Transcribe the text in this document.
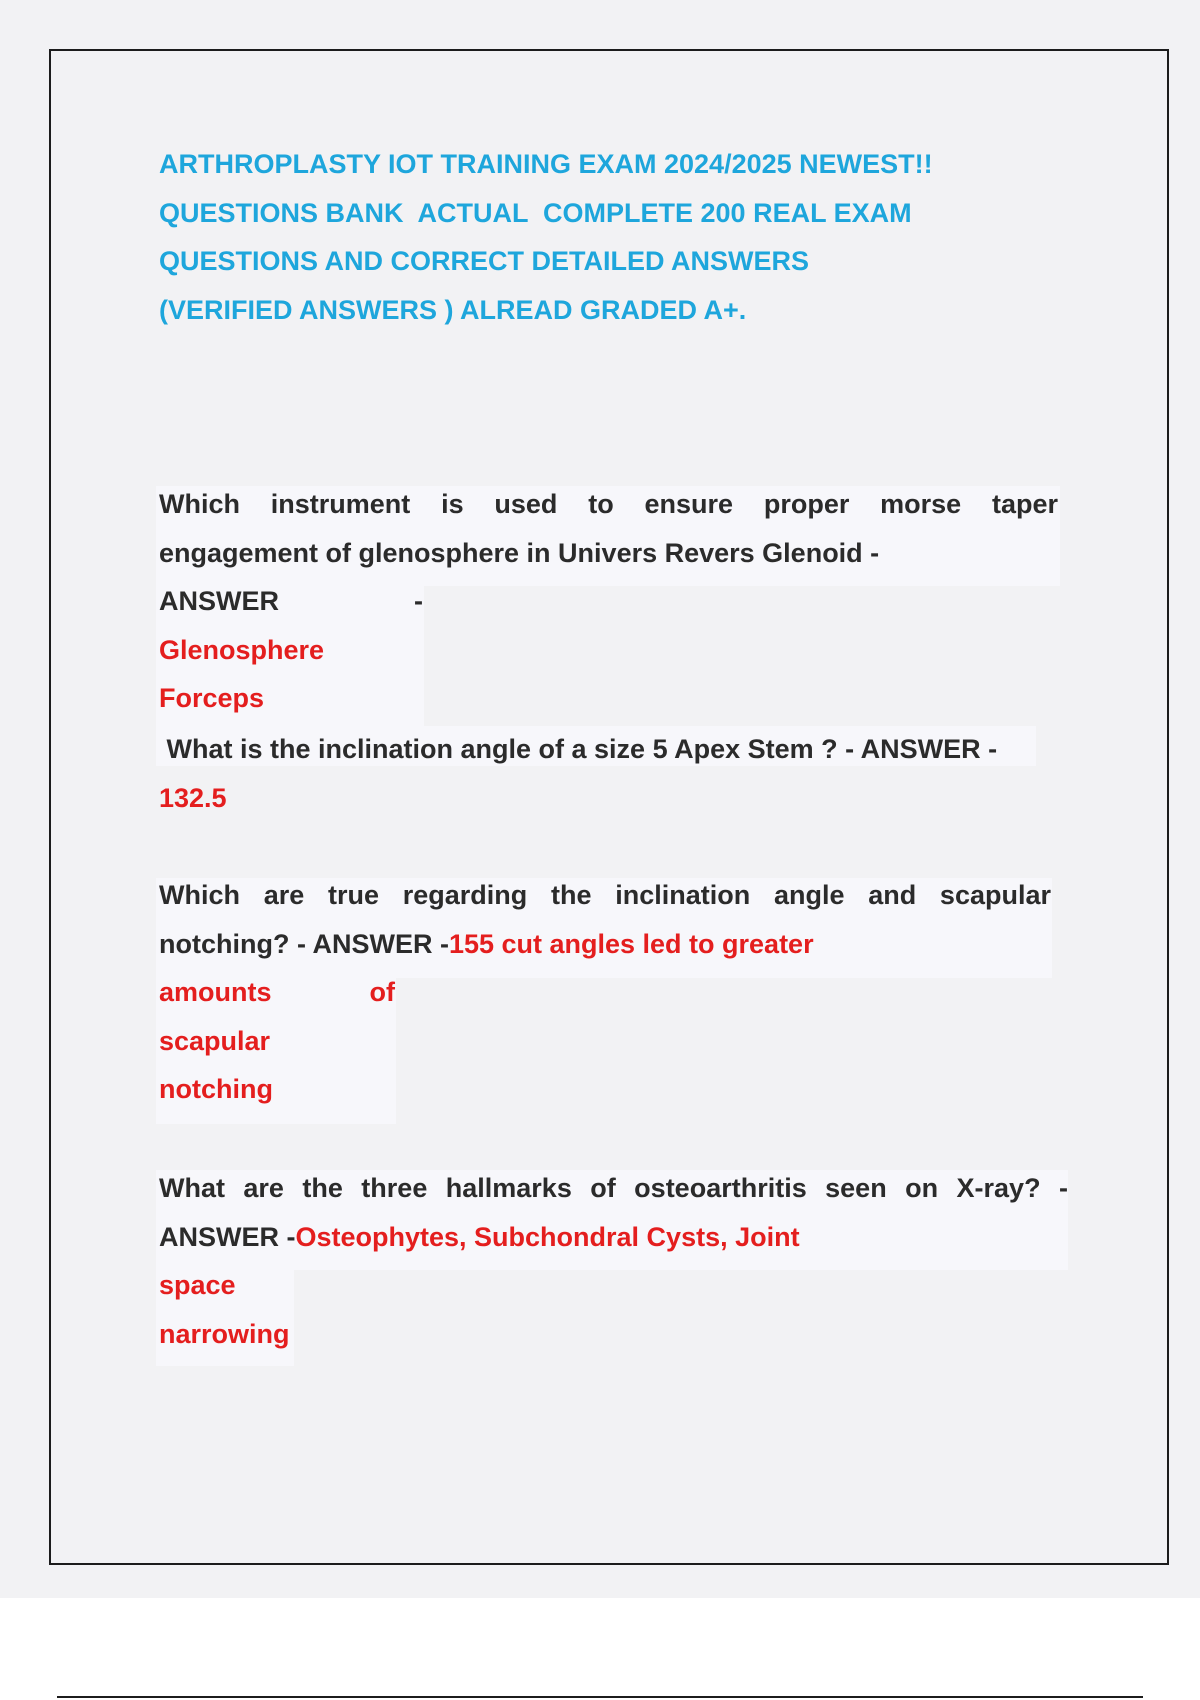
ARTHROPLASTY IOT TRAINING EXAM 2024/2025 NEWEST!!
QUESTIONS BANK  ACTUAL  COMPLETE 200 REAL EXAM
QUESTIONS AND CORRECT DETAILED ANSWERS
(VERIFIED ANSWERS ) ALREAD GRADED A+.
Which instrument is used to ensure proper morse taper
engagement of glenosphere in Univers Revers Glenoid -
ANSWER	-
Glenosphere
Forceps
What is the inclination angle of a size 5 Apex Stem ? - ANSWER -
132.5
Which are true regarding the inclination angle and scapular
notching? - ANSWER -155 cut angles led to greater
amounts	of
scapular
notching
What are the three hallmarks of osteoarthritis seen on X-ray? -
ANSWER -Osteophytes, Subchondral Cysts, Joint
space
narrowing
